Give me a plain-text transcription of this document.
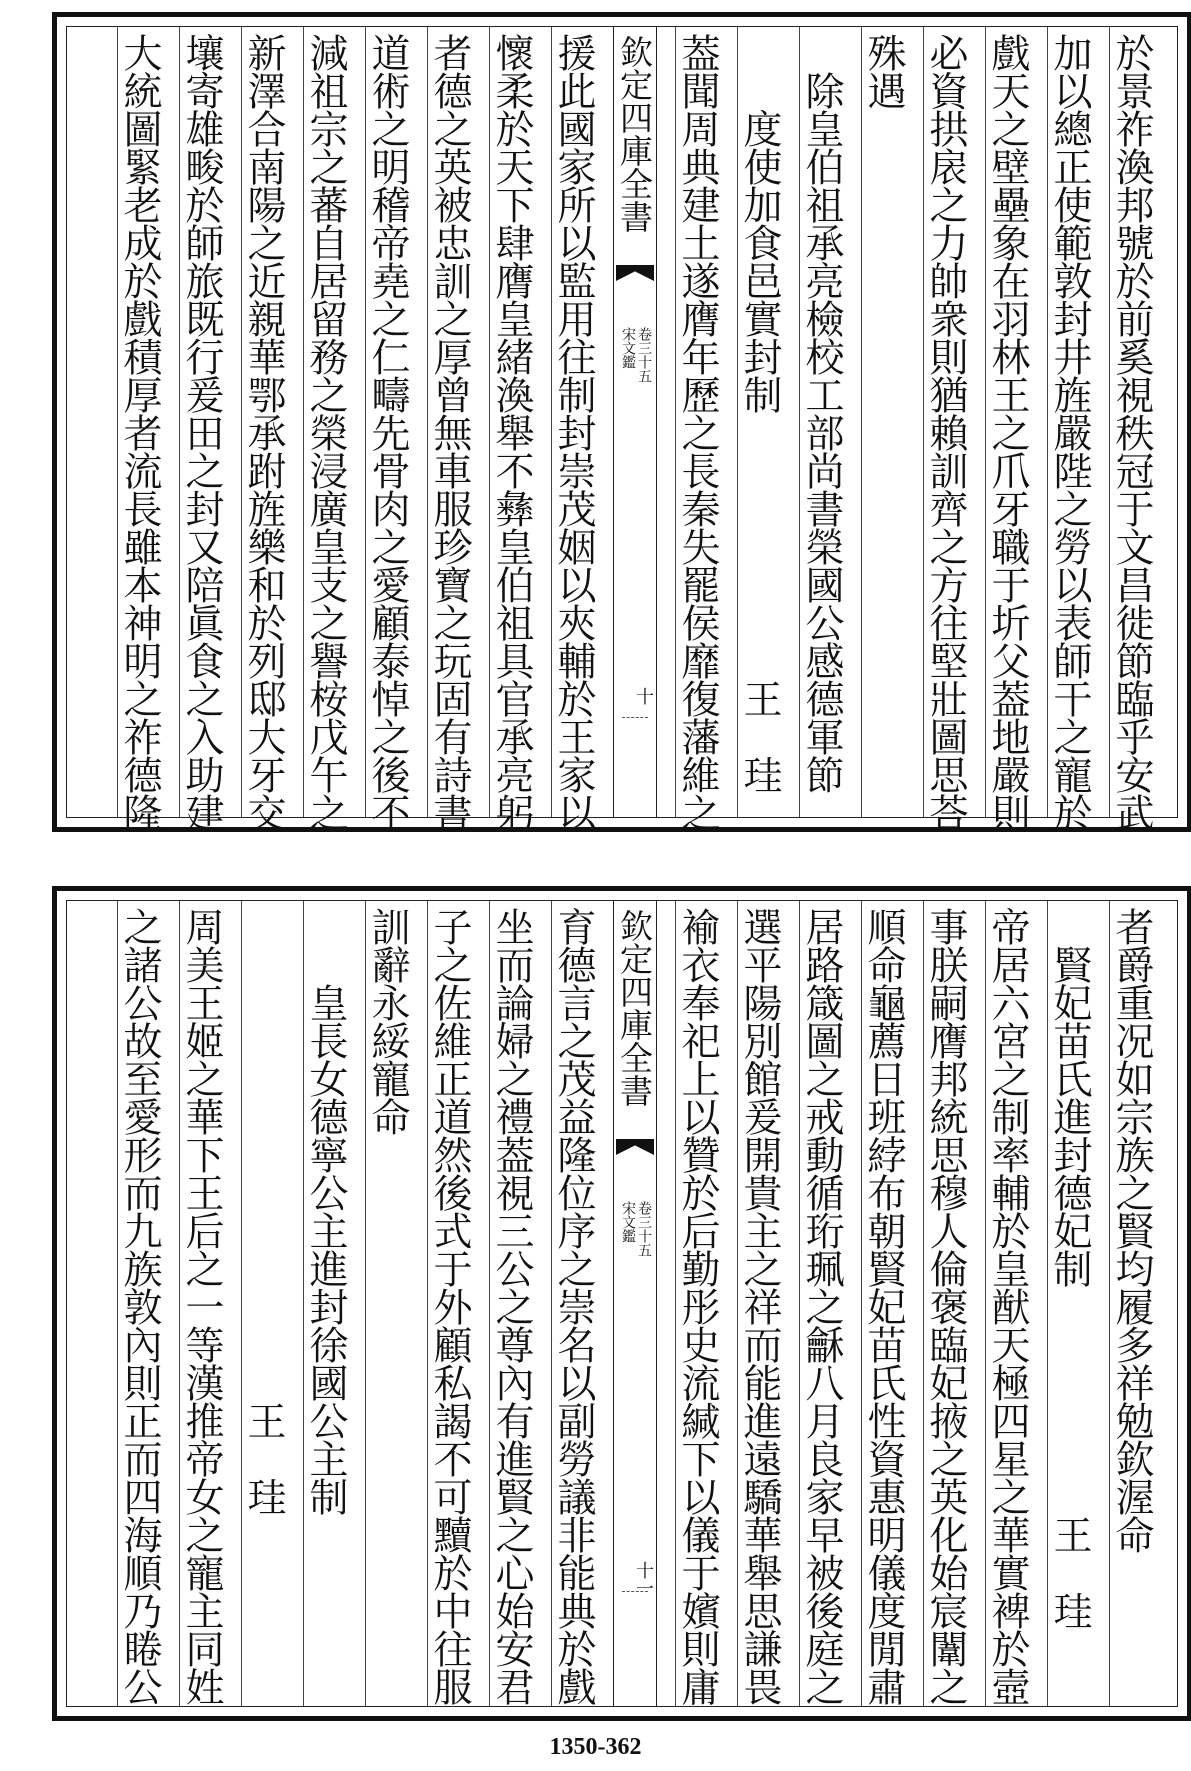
於景祚渙邦號於前奚視秩冠于文昌徙節臨乎安武
加以總正使範敦封井旌嚴陛之勞以表師干之寵於
戲天之壁壘象在羽林王之爪牙職于圻父葢地嚴則
必資拱扆之力帥衆則猶賴訓齊之方往堅壯圖思荅
殊遇
　除皇伯祖承亮檢校工部尚書榮國公感德軍節
　　度使加食邑實封制　　　　　　　王　珪
葢聞周典建土遂膺年歷之長秦失罷侯靡復藩維之
欽定四庫全書
宋文鑑 卷三十五
十
援此國家所以監用往制封崇茂姻以夾輔於王家以
懷柔於天下肆膺皇緒渙舉不彝皇伯祖具官承亮躬
者德之英被忠訓之厚曾無車服珍寶之玩固有詩書
道術之明稽帝堯之仁疇先骨肉之愛顧泰悼之後不
減祖宗之蕃自居留務之榮浸廣皇支之譽桉戊午之
新澤合南陽之近親華鄂承跗旌樂和於列邸大牙交
壤寄雄畯於師旅既行爰田之封又陪眞食之入助建
大統圖緊老成於戲積厚者流長雖本神明之祚德隆
者爵重况如宗族之賢均履多祥勉欽渥命
　賢妃苗氏進封德妃制　　　　　　王　珪
帝居六宮之制率輔於皇猷天極四星之華實裨於壼
事朕嗣膺邦統思穆人倫褒臨妃掖之英化始宸闈之
順命龜薦日班綍布朝賢妃苗氏性資惠明儀度閒肅
居路箴圖之戒動循珩珮之龢八月良家早被後庭之
選平陽別館爰開貴主之祥而能進遠驕華舉思謙畏
褕衣奉祀上以贊於后勤彤史流緘下以儀于嬪則庸
欽定四庫全書
宋文鑑 卷三十五
十一
育德言之茂益隆位序之崇名以副勞議非能典於戲
坐而論婦之禮葢視三公之尊內有進賢之心始安君
子之佐維正道然後式于外顧私謁不可黷於中往服
訓辭永綏寵命
　　皇長女德寧公主進封徐國公主制
　　　　　　　　　　　　　王　珪
周美王姬之華下王后之一等漢推帝女之寵主同姓
之諸公故至愛形而九族敦內則正而四海順乃睠公
1350-362
